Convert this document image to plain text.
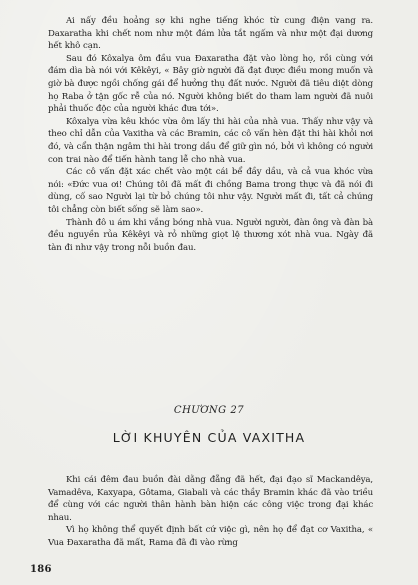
Ai nấy đều hoảng sợ khi nghe tiếng khóc từ cung điện vang ra. Daxaratha khi chết nom như một đám lửa tắt ngấm và như một đại dương hết khô cạn.

Sau đó Kôxalya ôm đầu vua Đaxaratha đặt vào lòng họ, rồi cùng với đám dìa bà nói với Kêkêyi, « Bây giờ người đã đạt được điều mong muốn và giờ bà được ngồi chống gái để hưởng thụ đất nước. Người đã tiêu diệt dòng họ Raba ở tận gốc rễ của nó. Người không biết do tham lam người đã nuôi phải thuốc độc của người khác đưa tới».

Kôxalya vừa kêu khóc vừa ôm lấy thi hài của nhà vua. Thấy như vậy và theo chỉ dẫn của Vaxitha và các Bramin, các cô vấn hèn đặt thi hài khỏi nơi đó, và cẩn thận ngâm thi hài trong dầu để giữ gìn nó, bởi vì không có người con trai nào để tiến hành tang lễ cho nhà vua.

Các cô vấn đặt xác chết vào một cái bể đầy dầu, và cả vua khóc vừa nói: «Đức vua ơi! Chúng tôi đã mất đi chồng Bama trong thực và đã nói đi dùng, cố sao Người lại từ bỏ chúng tôi như vậy. Người mất đi, tất cả chúng tôi chẳng còn biết sống sẽ làm sao».

Thành đô u ám khi vắng bóng nhà vua. Người người, đàn ông và đàn bà đều nguyền rủa Kêkêyi và rỏ những giọt lệ thương xót nhà vua. Ngày đã tàn đi như vậy trong nỗi buồn đau.

CHƯƠNG 27
LỜI KHUYÊN CỦA VAXITHA

Khi cái đêm đau buồn đài dằng đẵng đã hết, đại đạo sĩ Mackandêya, Vamadêva, Kaxyapa, Gôtama, Giabali và các thầy Bramin khác đã vào triều để cùng với các người thân hành bàn hiện các công việc trong đại khác nhau.

Vì họ không thể quyết định bất cứ việc gì, nên họ để đạt cơ Vaxitha, « Vua Đaxaratha đã mất, Rama đã đi vào rừng

186
